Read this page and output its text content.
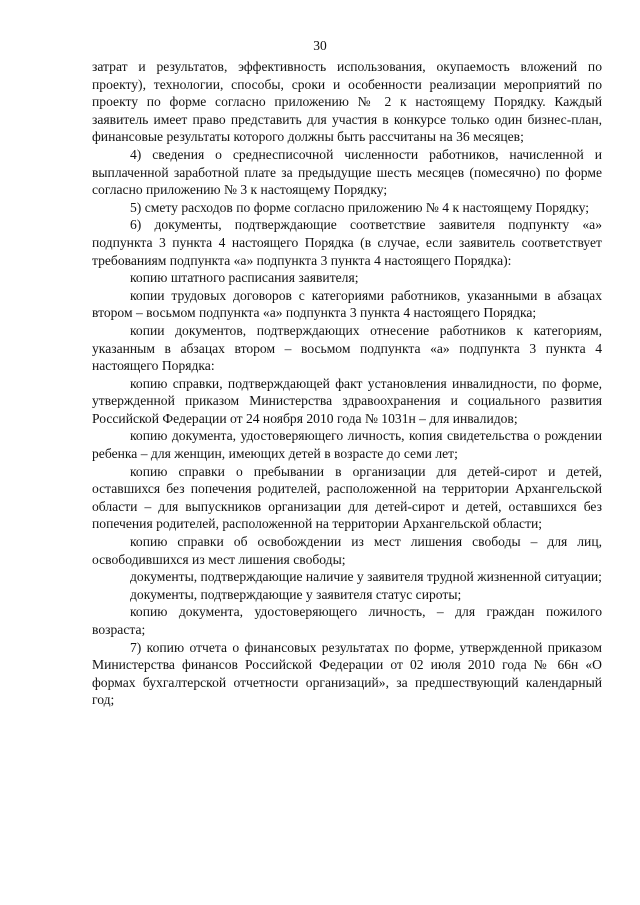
30

затрат и результатов, эффективность использования, окупаемость вложений по проекту), технологии, способы, сроки и особенности реализации мероприятий по проекту по форме согласно приложению № 2 к настоящему Порядку. Каждый заявитель имеет право представить для участия в конкурсе только один бизнес-план, финансовые результаты которого должны быть рассчитаны на 36 месяцев;

4) сведения о среднесписочной численности работников, начисленной и выплаченной заработной плате за предыдущие шесть месяцев (помесячно) по форме согласно приложению № 3 к настоящему Порядку;

5) смету расходов по форме согласно приложению № 4 к настоящему Порядку;

6) документы, подтверждающие соответствие заявителя подпункту «а» подпункта 3 пункта 4 настоящего Порядка (в случае, если заявитель соответствует требованиям подпункта «а» подпункта 3 пункта 4 настоящего Порядка):

копию штатного расписания заявителя;

копии трудовых договоров с категориями работников, указанными в абзацах втором – восьмом подпункта «а» подпункта 3 пункта 4 настоящего Порядка;

копии документов, подтверждающих отнесение работников к категориям, указанным в абзацах втором – восьмом подпункта «а» подпункта 3 пункта 4 настоящего Порядка:

копию справки, подтверждающей факт установления инвалидности, по форме, утвержденной приказом Министерства здравоохранения и социального развития Российской Федерации от 24 ноября 2010 года № 1031н – для инвалидов;

копию документа, удостоверяющего личность, копия свидетельства о рождении ребенка – для женщин, имеющих детей в возрасте до семи лет;

копию справки о пребывании в организации для детей-сирот и детей, оставшихся без попечения родителей, расположенной на территории Архангельской области – для выпускников организации для детей-сирот и детей, оставшихся без попечения родителей, расположенной на территории Архангельской области;

копию справки об освобождении из мест лишения свободы – для лиц, освободившихся из мест лишения свободы;

документы, подтверждающие наличие у заявителя трудной жизненной ситуации;

документы, подтверждающие у заявителя статус сироты;

копию документа, удостоверяющего личность, – для граждан пожилого возраста;

7) копию отчета о финансовых результатах по форме, утвержденной приказом Министерства финансов Российской Федерации от 02 июля 2010 года № 66н «О формах бухгалтерской отчетности организаций», за предшествующий календарный год;
